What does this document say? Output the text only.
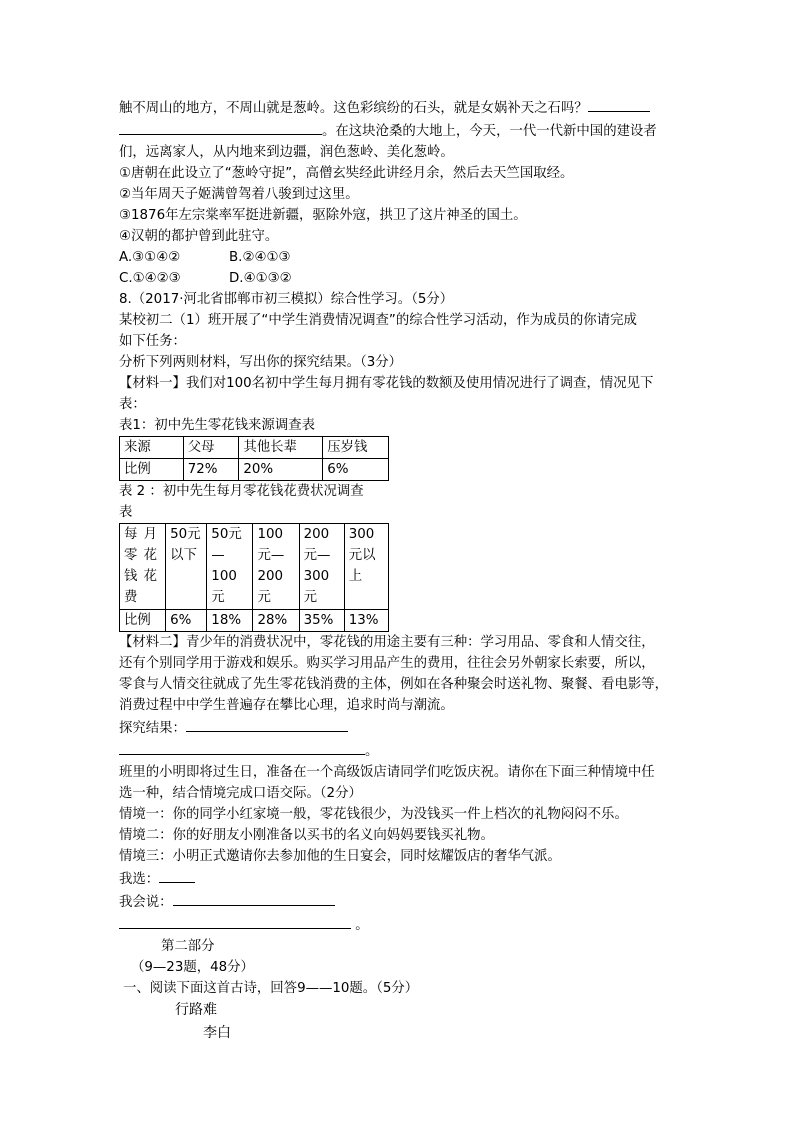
触不周山的地方，不周山就是葱岭。这色彩缤纷的石头，就是女娲补天之石吗？

。在这块沧桑的大地上，今天，一代一代新中国的建设者

们，远离家人，从内地来到边疆，润色葱岭、美化葱岭。

①唐朝在此设立了“葱岭守捉”，高僧玄奘经此讲经月余，然后去天竺国取经。

②当年周天子姬满曾驾着八骏到过这里。

③1876年左宗棠率军挺进新疆，驱除外寇，拱卫了这片神圣的国土。

④汉朝的都护曾到此驻守。

A.③①④②	B.②④①③

C.①④②③	D.④①③②

8.（2017·河北省邯郸市初三模拟）综合性学习。（5分）

某校初二（1）班开展了“中学生消费情况调查”的综合性学习活动，作为成员的你请完成

如下任务：

分析下列两则材料，写出你的探究结果。（3分）

【材料一】我们对100名初中学生每月拥有零花钱的数额及使用情况进行了调查，情况见下

表：

表1：初中先生零花钱来源调查表

来源	父母	其他长辈	压岁钱
比例	72%	20%	6%

表 2 ：初中先生每月零花钱花费状况调查

表

每 月 零 花 钱 花 费	50元以下	50元—100元	100元—200元	200元—300元	300元以上
比例	6%	18%	28%	35%	13%

【材料二】青少年的消费状况中，零花钱的用途主要有三种：学习用品、零食和人情交往，

还有个别同学用于游戏和娱乐。购买学习用品产生的费用，往往会另外朝家长索要，所以，

零食与人情交往就成了先生零花钱消费的主体，例如在各种聚会时送礼物、聚餐、看电影等，

消费过程中中学生普遍存在攀比心理，追求时尚与潮流。

探究结果：

。

班里的小明即将过生日，准备在一个高级饭店请同学们吃饭庆祝。请你在下面三种情境中任

选一种，结合情境完成口语交际。（2分）

情境一：你的同学小红家境一般，零花钱很少，为没钱买一件上档次的礼物闷闷不乐。

情境二：你的好朋友小刚准备以买书的名义向妈妈要钱买礼物。

情境三：小明正式邀请你去参加他的生日宴会，同时炫耀饭店的奢华气派。

我选：

我会说：

。

第二部分

（9—23题，48分）

一、阅读下面这首古诗，回答9——10题。（5分）

行路难

李白
